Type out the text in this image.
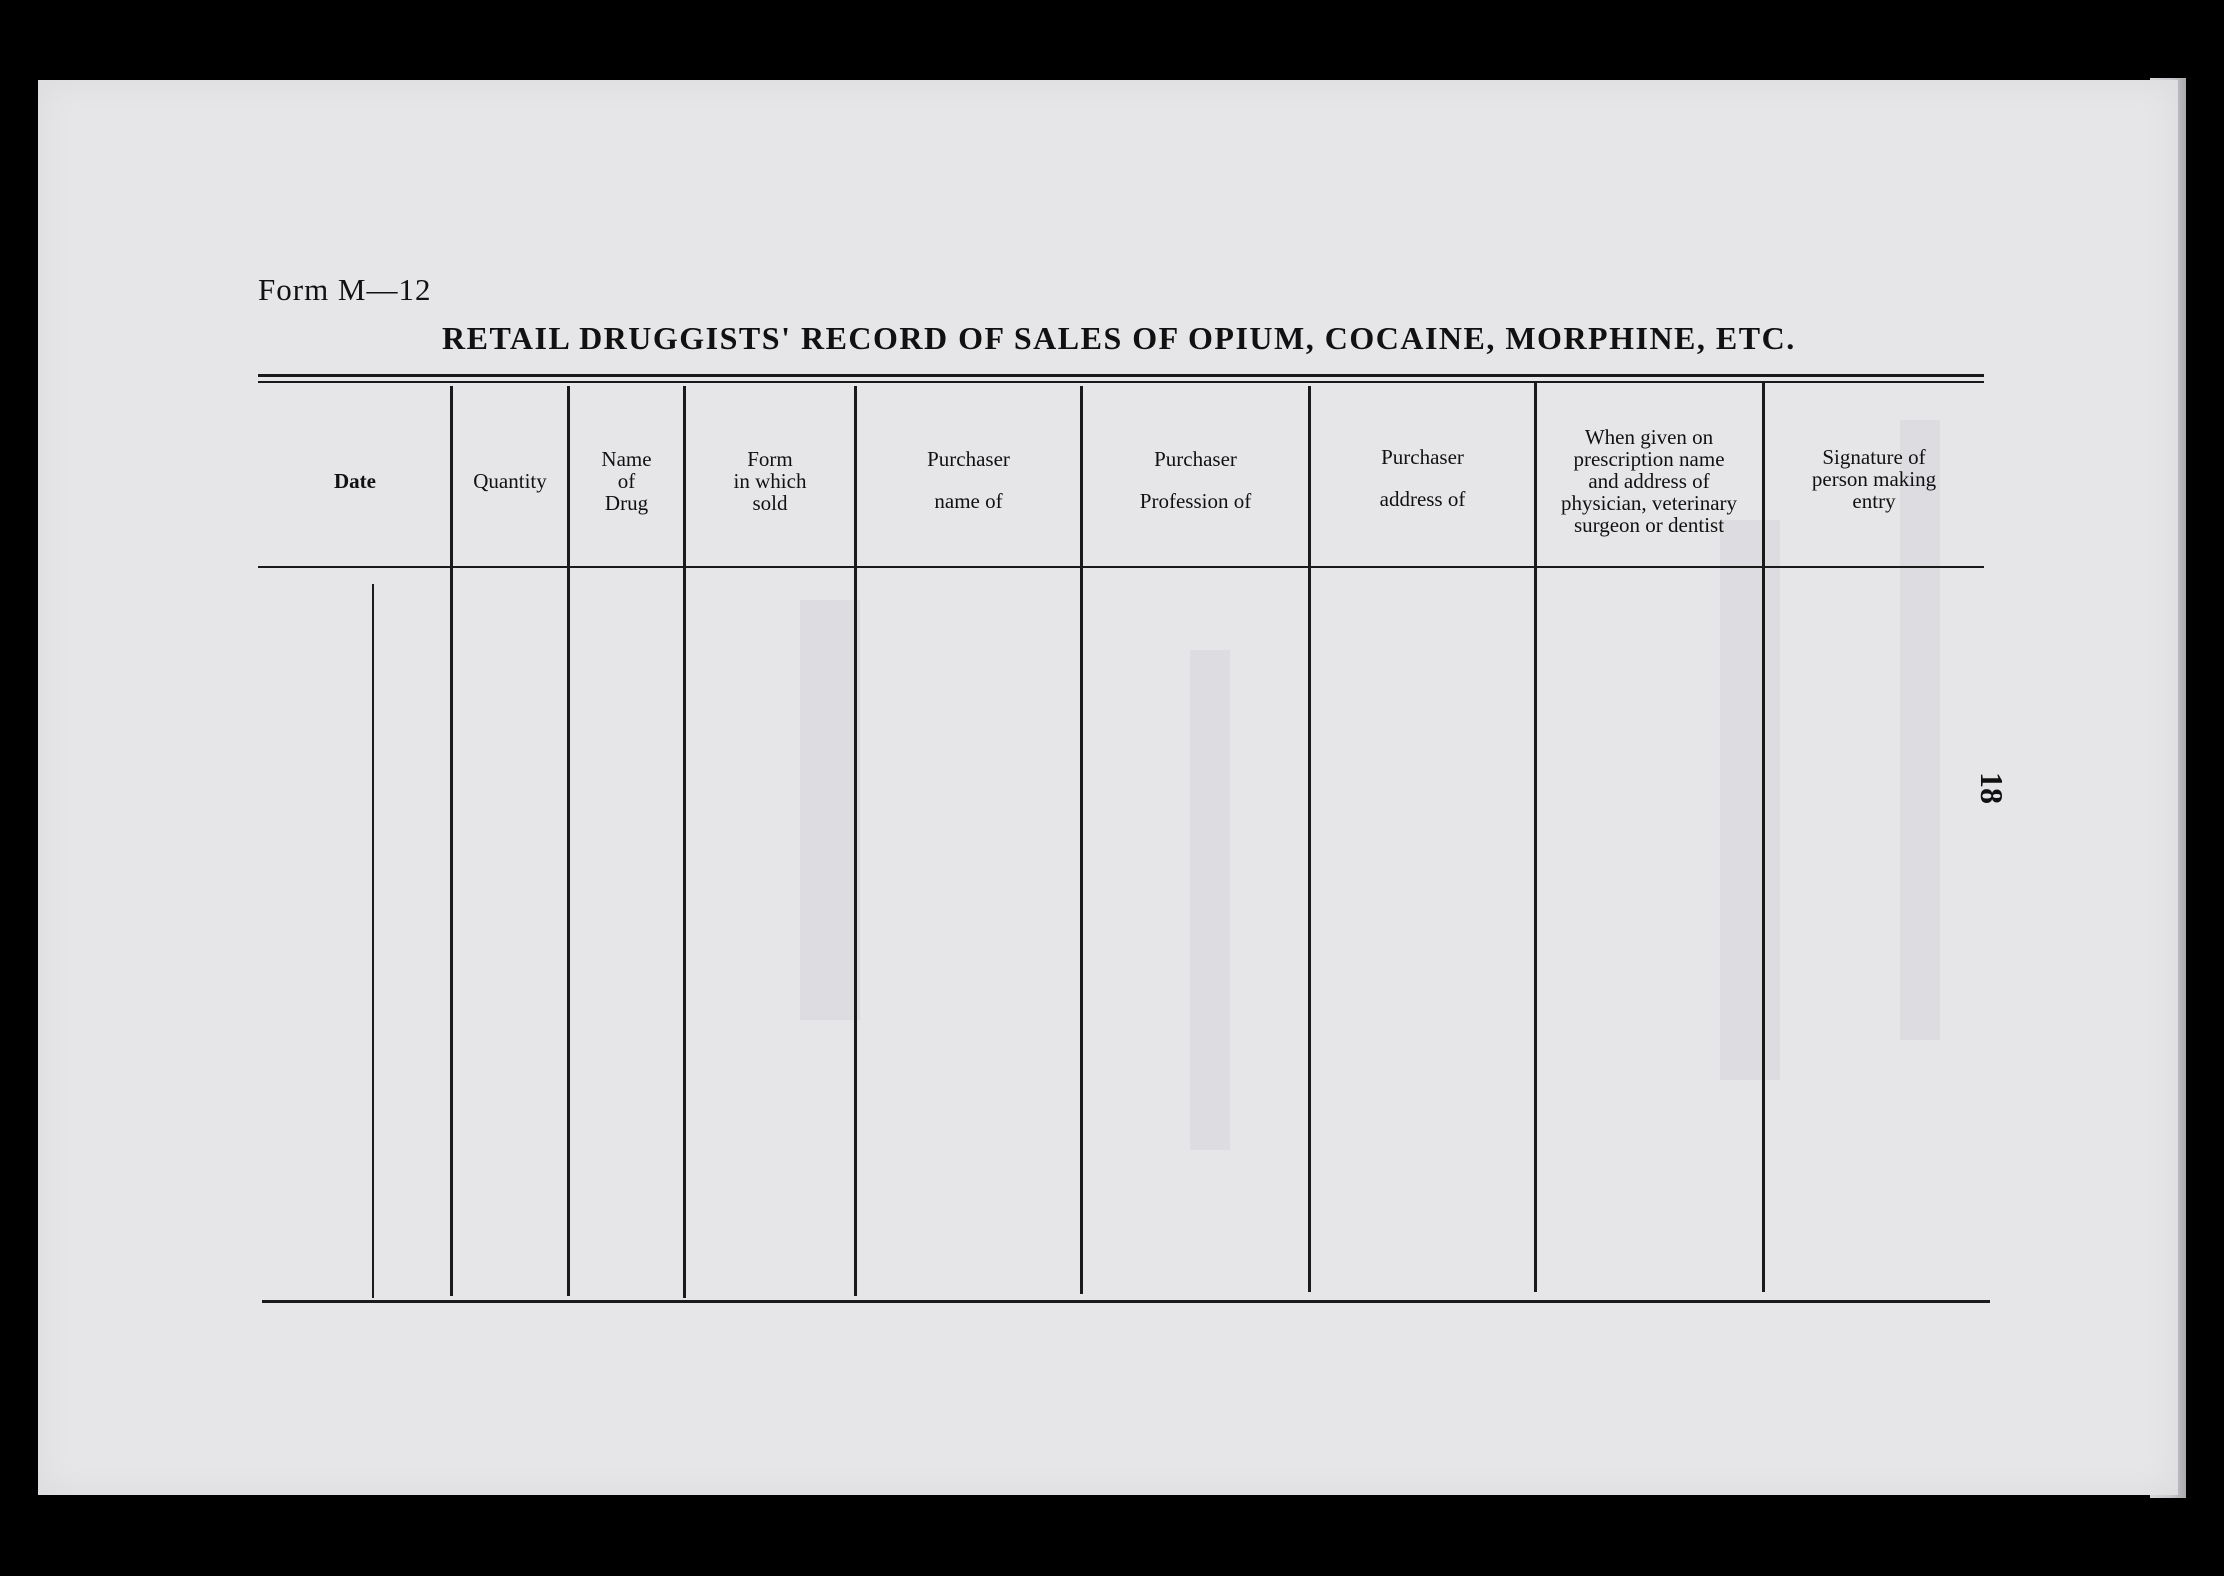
Form M—12
RETAIL DRUGGISTS' RECORD OF SALES OF OPIUM, COCAINE, MORPHINE, ETC.
Date	Quantity
Name
of
Drug
Form
in which
sold
Purchaser
name of
Purchaser
Profession of
Purchaser
address of
When given on
prescription name
and address of
physician, veterinary
surgeon or dentist
Signature of
person making
entry
18
